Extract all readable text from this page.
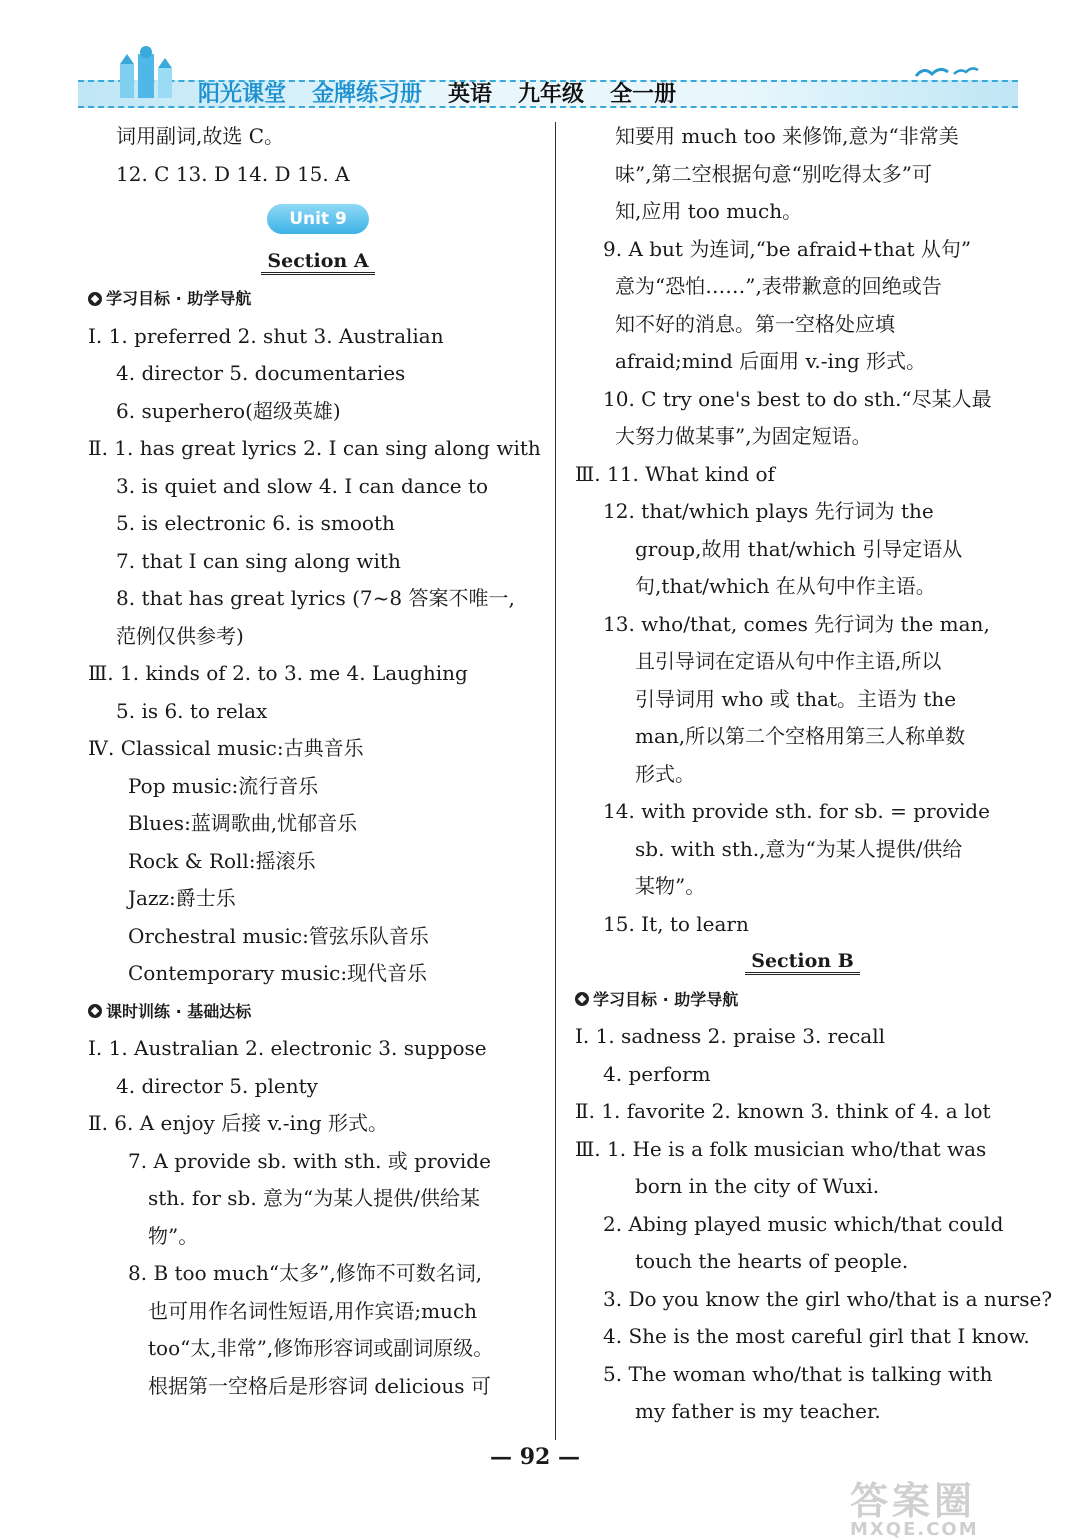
阳光课堂 金牌练习册 英语 九年级 全一册
词用副词,故选 C。
12. C 13. D 14. D 15. A
Unit 9
Section A
学习目标 · 助学导航
Ⅰ. 1. preferred 2. shut 3. Australian
4. director 5. documentaries
6. superhero(超级英雄)
Ⅱ. 1. has great lyrics 2. I can sing along with
3. is quiet and slow 4. I can dance to
5. is electronic 6. is smooth
7. that I can sing along with
8. that has great lyrics (7~8 答案不唯一,
范例仅供参考)
Ⅲ. 1. kinds of 2. to 3. me 4. Laughing
5. is 6. to relax
Ⅳ. Classical music:古典音乐
Pop music:流行音乐
Blues:蓝调歌曲,忧郁音乐
Rock & Roll:摇滚乐
Jazz:爵士乐
Orchestral music:管弦乐队音乐
Contemporary music:现代音乐
课时训练 · 基础达标
Ⅰ. 1. Australian 2. electronic 3. suppose
4. director 5. plenty
Ⅱ. 6. A enjoy 后接 v.-ing 形式。
7. A provide sb. with sth. 或 provide
sth. for sb. 意为“为某人提供/供给某
物”。
8. B too much“太多”,修饰不可数名词,
也可用作名词性短语,用作宾语;much
too“太,非常”,修饰形容词或副词原级。
根据第一空格后是形容词 delicious 可
知要用 much too 来修饰,意为“非常美
味”,第二空根据句意“别吃得太多”可
知,应用 too much。
9. A but 为连词,“be afraid+that 从句”
意为“恐怕……”,表带歉意的回绝或告
知不好的消息。第一空格处应填
afraid;mind 后面用 v.-ing 形式。
10. C try one's best to do sth.“尽某人最
大努力做某事”,为固定短语。
Ⅲ. 11. What kind of
12. that/which plays 先行词为 the
group,故用 that/which 引导定语从
句,that/which 在从句中作主语。
13. who/that, comes 先行词为 the man,
且引导词在定语从句中作主语,所以
引导词用 who 或 that。主语为 the
man,所以第二个空格用第三人称单数
形式。
14. with provide sth. for sb. = provide
sb. with sth.,意为“为某人提供/供给
某物”。
15. It, to learn
Section B
学习目标 · 助学导航
Ⅰ. 1. sadness 2. praise 3. recall
4. perform
Ⅱ. 1. favorite 2. known 3. think of 4. a lot
Ⅲ. 1. He is a folk musician who/that was
born in the city of Wuxi.
2. Abing played music which/that could
touch the hearts of people.
3. Do you know the girl who/that is a nurse?
4. She is the most careful girl that I know.
5. The woman who/that is talking with
my father is my teacher.
— 92 —
答案圈
MXQE.COM
